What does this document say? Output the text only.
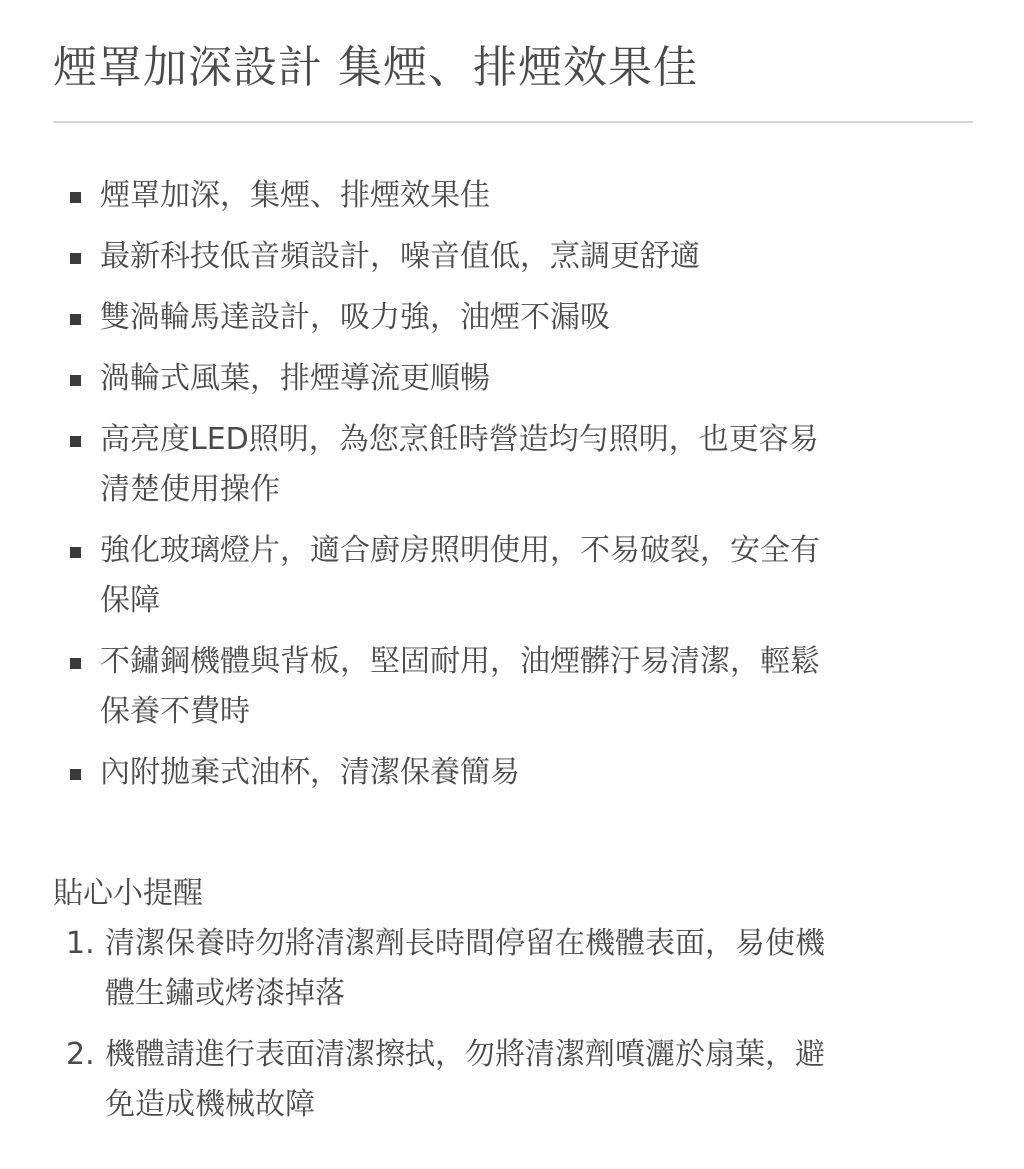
煙罩加深設計 集煙、排煙效果佳
煙罩加深，集煙、排煙效果佳
最新科技低音頻設計，噪音值低，烹調更舒適
雙渦輪馬達設計，吸力強，油煙不漏吸
渦輪式風葉，排煙導流更順暢
高亮度LED照明，為您烹飪時營造均勻照明，也更容易
清楚使用操作
強化玻璃燈片，適合廚房照明使用，不易破裂，安全有
保障
不鏽鋼機體與背板，堅固耐用，油煙髒汙易清潔，輕鬆
保養不費時
內附拋棄式油杯，清潔保養簡易
貼心小提醒
1. 清潔保養時勿將清潔劑長時間停留在機體表面，易使機
體生鏽或烤漆掉落
2. 機體請進行表面清潔擦拭，勿將清潔劑噴灑於扇葉，避
免造成機械故障
